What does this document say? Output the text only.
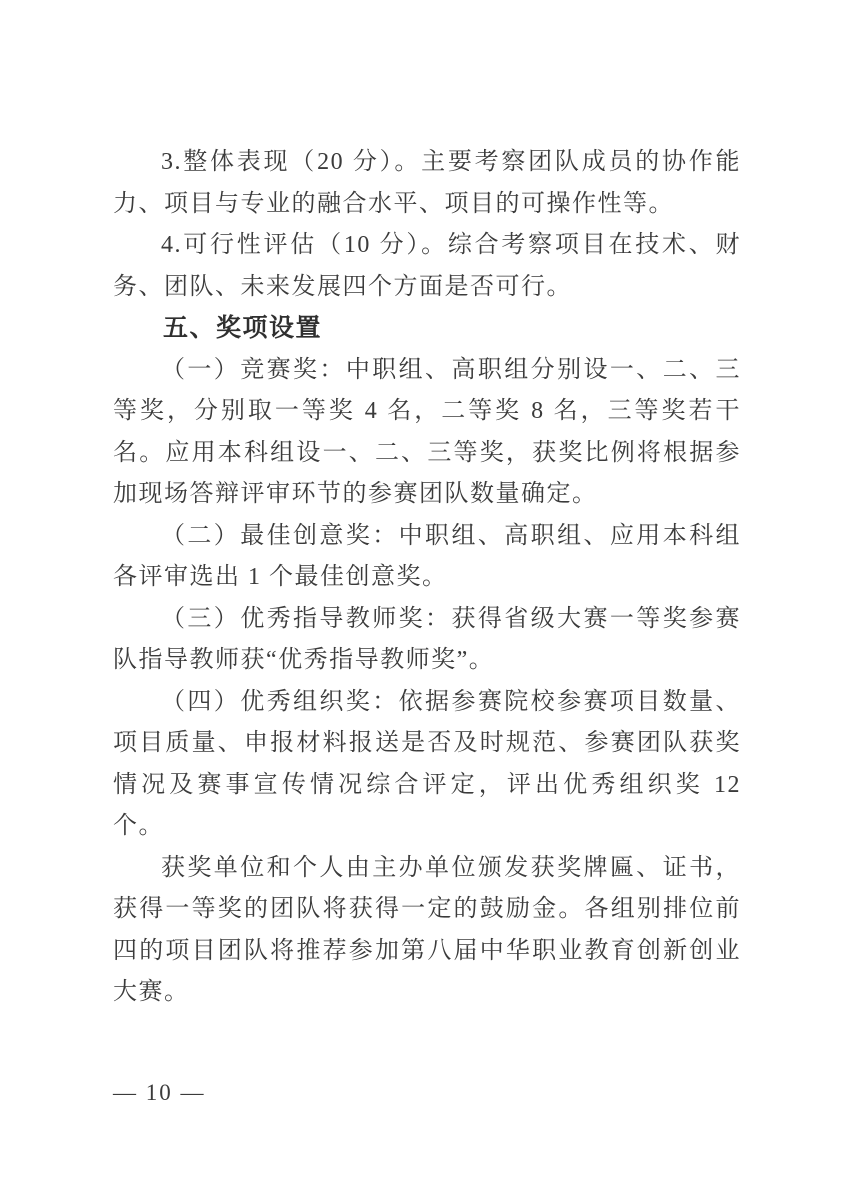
3.整体表现（20 分）。主要考察团队成员的协作能力、项目与专业的融合水平、项目的可操作性等。

4.可行性评估（10 分）。综合考察项目在技术、财务、团队、未来发展四个方面是否可行。

五、奖项设置

（一）竞赛奖：中职组、高职组分别设一、二、三等奖，分别取一等奖 4 名，二等奖 8 名，三等奖若干名。应用本科组设一、二、三等奖，获奖比例将根据参加现场答辩评审环节的参赛团队数量确定。

（二）最佳创意奖：中职组、高职组、应用本科组各评审选出 1 个最佳创意奖。

（三）优秀指导教师奖：获得省级大赛一等奖参赛队指导教师获“优秀指导教师奖”。

（四）优秀组织奖：依据参赛院校参赛项目数量、项目质量、申报材料报送是否及时规范、参赛团队获奖情况及赛事宣传情况综合评定，评出优秀组织奖 12 个。

获奖单位和个人由主办单位颁发获奖牌匾、证书，获得一等奖的团队将获得一定的鼓励金。各组别排位前四的项目团队将推荐参加第八届中华职业教育创新创业大赛。

— 10 —
